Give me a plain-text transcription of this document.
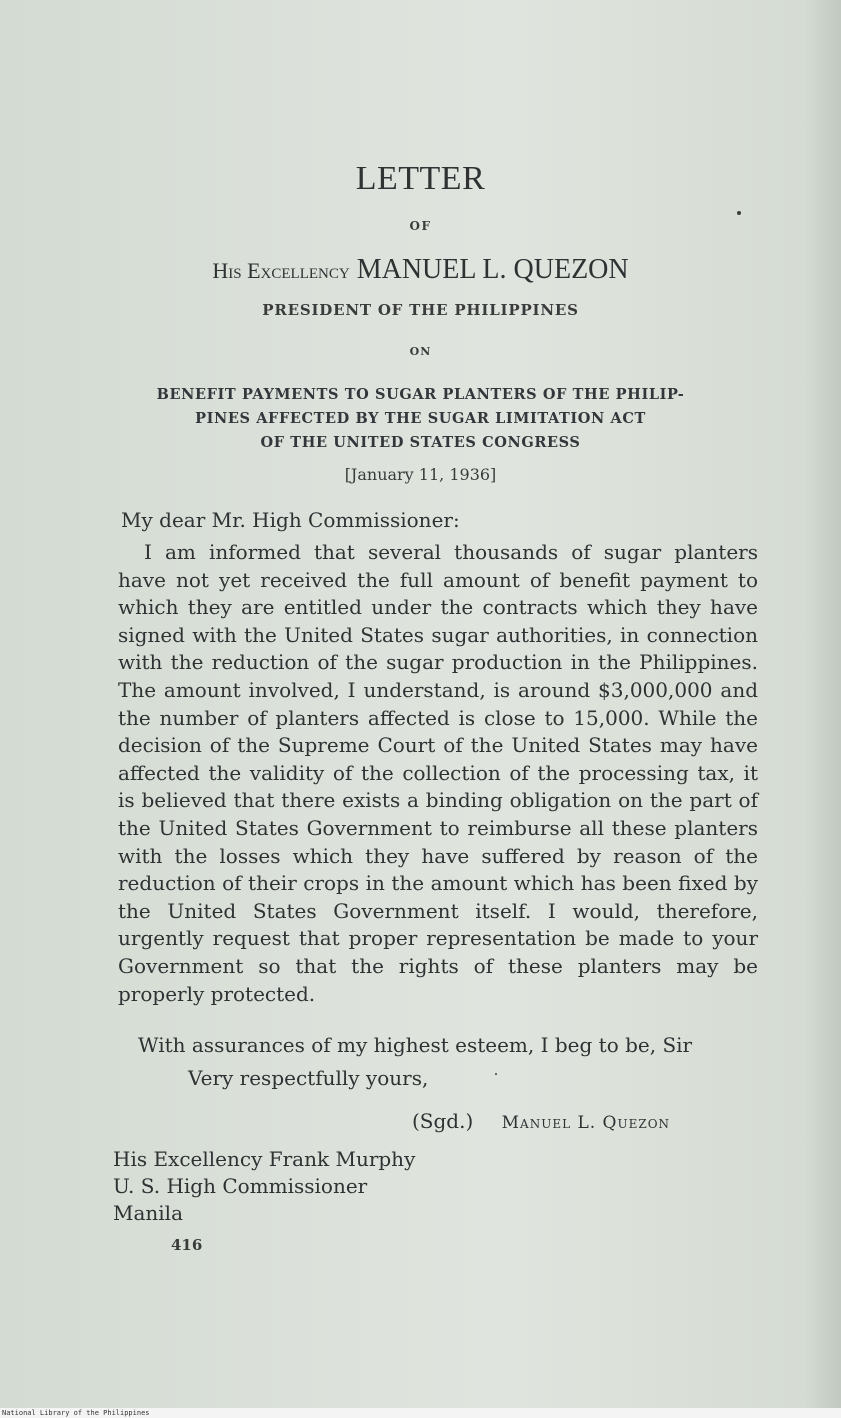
LETTER
OF
His Excellency MANUEL L. QUEZON
PRESIDENT OF THE PHILIPPINES
ON
BENEFIT PAYMENTS TO SUGAR PLANTERS OF THE PHILIP-
PINES AFFECTED BY THE SUGAR LIMITATION ACT
OF THE UNITED STATES CONGRESS
[January 11, 1936]
My dear Mr. High Commissioner:

I am informed that several thousands of sugar planters have not yet received the full amount of benefit payment to which they are entitled under the contracts which they have signed with the United States sugar authorities, in connection with the reduction of the sugar production in the Philippines. The amount involved, I understand, is around $3,000,000 and the number of planters affected is close to 15,000. While the decision of the Supreme Court of the United States may have affected the validity of the collection of the processing tax, it is believed that there exists a binding obligation on the part of the United States Government to reimburse all these planters with the losses which they have suffered by reason of the reduction of their crops in the amount which has been fixed by the United States Government itself. I would, therefore, urgently request that proper representation be made to your Government so that the rights of these planters may be properly protected.

With assurances of my highest esteem, I beg to be, Sir

Very respectfully yours,
(Sgd.) Manuel L. Quezon
His Excellency Frank Murphy
U. S. High Commissioner
Manila
416
National Library of the Philippines
